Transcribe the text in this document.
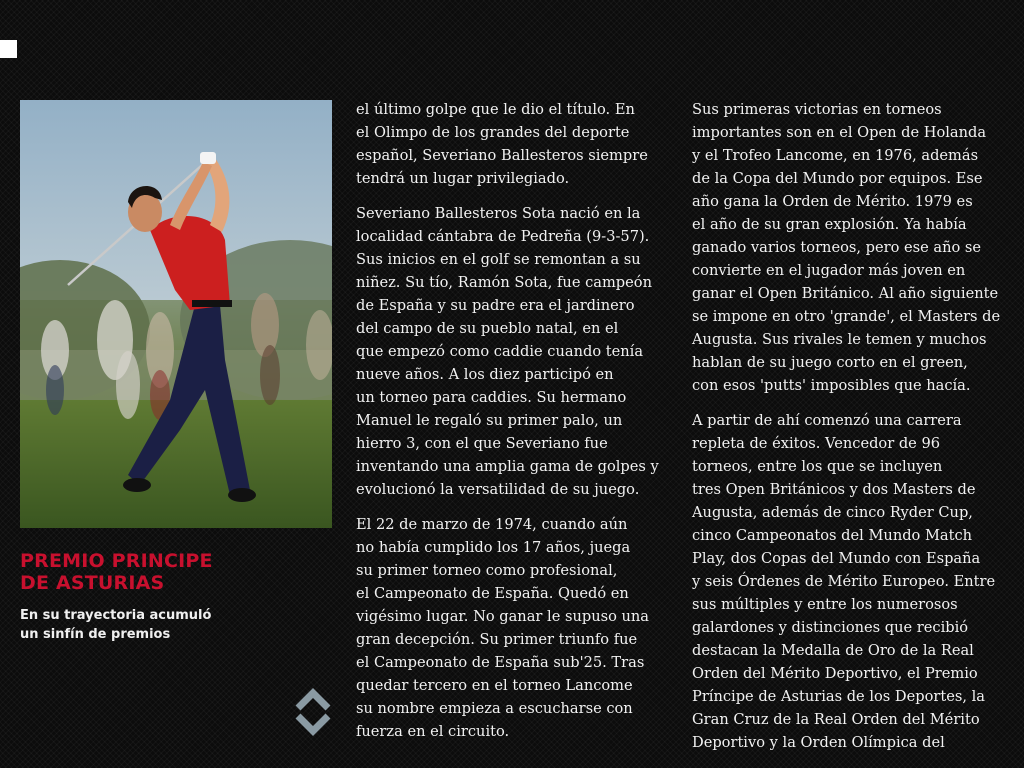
PREMIO PRINCIPE
DE ASTURIAS

En su trayectoria acumuló
un sinfín de premios

el último golpe que le dio el título. En
el Olimpo de los grandes del deporte
español, Severiano Ballesteros siempre
tendrá un lugar privilegiado.

Severiano Ballesteros Sota nació en la
localidad cántabra de Pedreña (9-3-57).
Sus inicios en el golf se remontan a su
niñez. Su tío, Ramón Sota, fue campeón
de España y su padre era el jardinero
del campo de su pueblo natal, en el
que empezó como caddie cuando tenía
nueve años. A los diez participó en
un torneo para caddies. Su hermano
Manuel le regaló su primer palo, un
hierro 3, con el que Severiano fue
inventando una amplia gama de golpes y
evolucionó la versatilidad de su juego.

El 22 de marzo de 1974, cuando aún
no había cumplido los 17 años, juega
su primer torneo como profesional,
el Campeonato de España. Quedó en
vigésimo lugar. No ganar le supuso una
gran decepción. Su primer triunfo fue
el Campeonato de España sub'25. Tras
quedar tercero en el torneo Lancome
su nombre empieza a escucharse con
fuerza en el circuito.

Sus primeras victorias en torneos
importantes son en el Open de Holanda
y el Trofeo Lancome, en 1976, además
de la Copa del Mundo por equipos. Ese
año gana la Orden de Mérito. 1979 es
el año de su gran explosión. Ya había
ganado varios torneos, pero ese año se
convierte en el jugador más joven en
ganar el Open Británico. Al año siguiente
se impone en otro 'grande', el Masters de
Augusta. Sus rivales le temen y muchos
hablan de su juego corto en el green,
con esos 'putts' imposibles que hacía.

A partir de ahí comenzó una carrera
repleta de éxitos. Vencedor de 96
torneos, entre los que se incluyen
tres Open Británicos y dos Masters de
Augusta, además de cinco Ryder Cup,
cinco Campeonatos del Mundo Match
Play, dos Copas del Mundo con España
y seis Órdenes de Mérito Europeo. Entre
sus múltiples y entre los numerosos
galardones y distinciones que recibió
destacan la Medalla de Oro de la Real
Orden del Mérito Deportivo, el Premio
Príncipe de Asturias de los Deportes, la
Gran Cruz de la Real Orden del Mérito
Deportivo y la Orden Olímpica del
